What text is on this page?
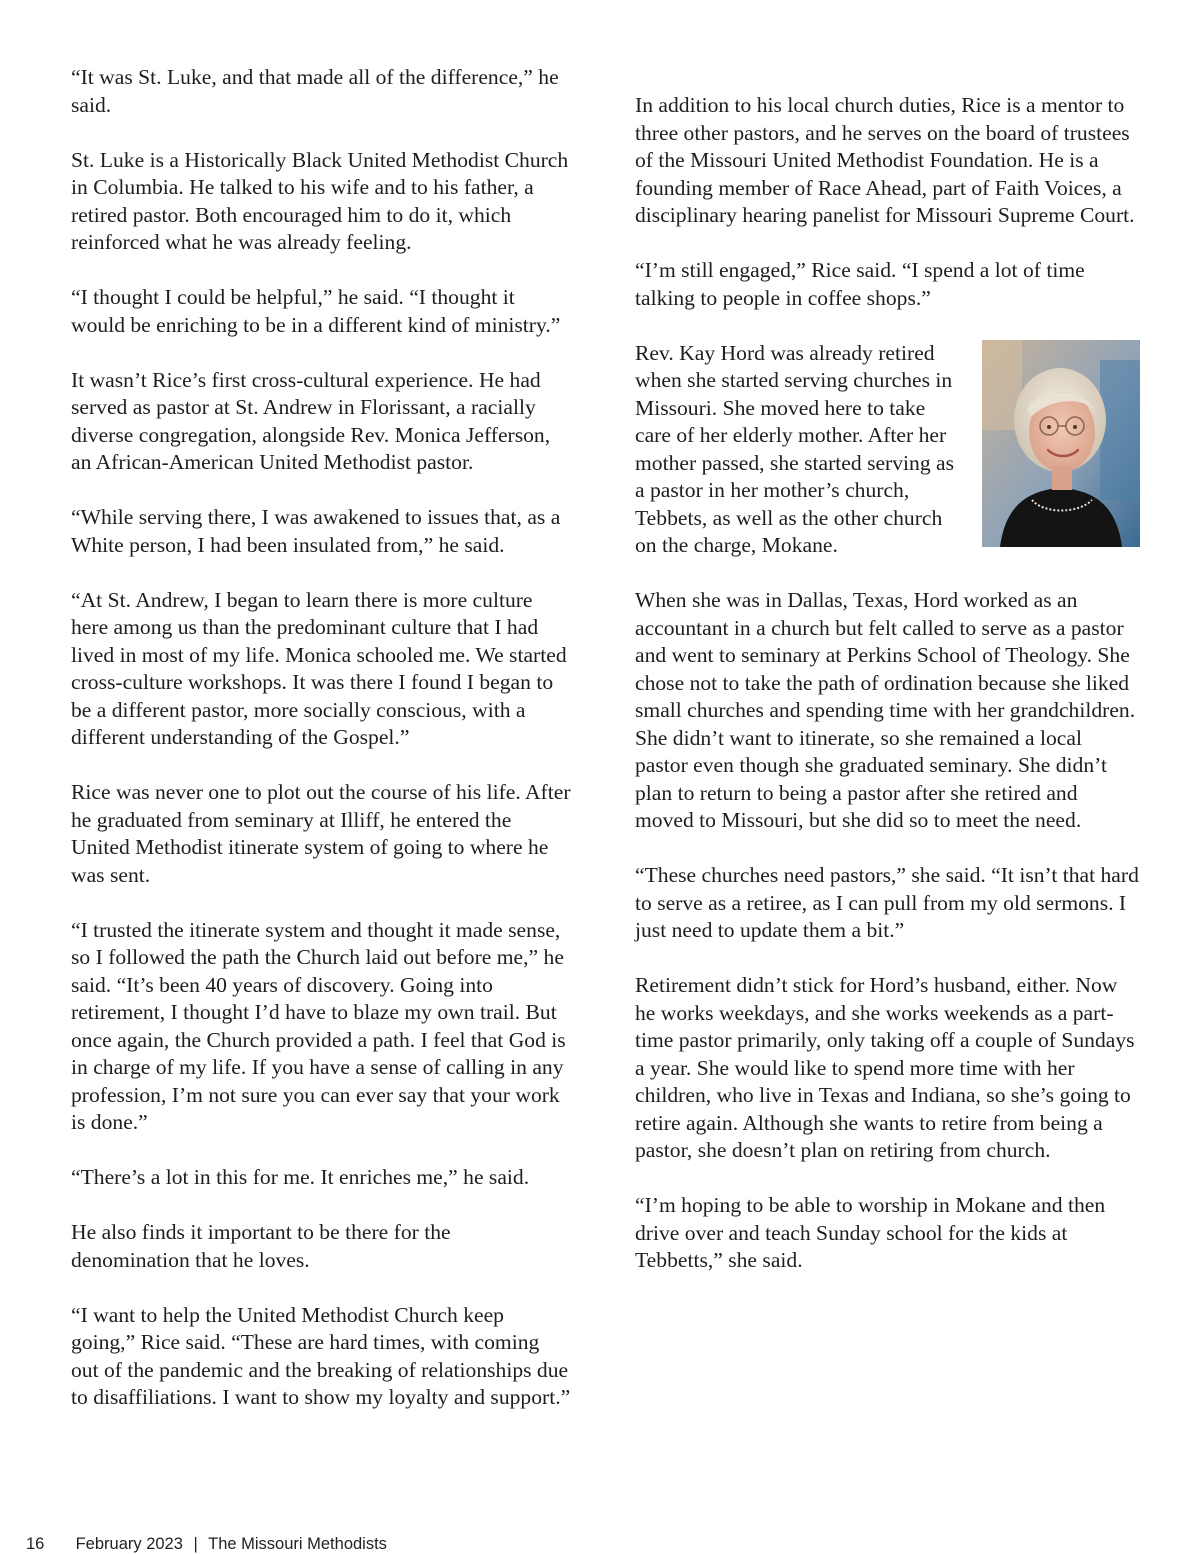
“It was St. Luke, and that made all of the difference,” he said.

St. Luke is a Historically Black United Methodist Church in Columbia. He talked to his wife and to his father, a retired pastor. Both encouraged him to do it, which reinforced what he was already feeling.

“I thought I could be helpful,” he said. “I thought it would be enriching to be in a different kind of ministry.”

It wasn’t Rice’s first cross-cultural experience. He had served as pastor at St. Andrew in Florissant, a racially diverse congregation, alongside Rev. Monica Jefferson, an African-American United Methodist pastor.

“While serving there, I was awakened to issues that, as a White person, I had been insulated from,” he said.

“At St. Andrew, I began to learn there is more culture here among us than the predominant culture that I had lived in most of my life. Monica schooled me. We started cross-culture workshops. It was there I found I began to be a different pastor, more socially conscious, with a different understanding of the Gospel.”

Rice was never one to plot out the course of his life. After he graduated from seminary at Illiff, he entered the United Methodist itinerate system of going to where he was sent.

“I trusted the itinerate system and thought it made sense, so I followed the path the Church laid out before me,” he said. “It’s been 40 years of discovery. Going into retirement, I thought I’d have to blaze my own trail. But once again, the Church provided a path. I feel that God is in charge of my life. If you have a sense of calling in any profession, I’m not sure you can ever say that your work is done.”

“There’s a lot in this for me. It enriches me,” he said.

He also finds it important to be there for the denomination that he loves.

“I want to help the United Methodist Church keep going,” Rice said. “These are hard times, with coming out of the pandemic and the breaking of relationships due to disaffiliations. I want to show my loyalty and support.”

In addition to his local church duties, Rice is a mentor to three other pastors, and he serves on the board of trustees of the Missouri United Methodist Foundation. He is a founding member of Race Ahead, part of Faith Voices, a disciplinary hearing panelist for Missouri Supreme Court.

“I’m still engaged,” Rice said. “I spend a lot of time talking to people in coffee shops.”

Rev. Kay Hord was already retired when she started serving churches in Missouri. She moved here to take care of her elderly mother. After her mother passed, she started serving as a pastor in her mother’s church, Tebbets, as well as the other church on the charge, Mokane.

When she was in Dallas, Texas, Hord worked as an accountant in a church but felt called to serve as a pastor and went to seminary at Perkins School of Theology. She chose not to take the path of ordination because she liked small churches and spending time with her grandchildren. She didn’t want to itinerate, so she remained a local pastor even though she graduated seminary. She didn’t plan to return to being a pastor after she retired and moved to Missouri, but she did so to meet the need.

“These churches need pastors,” she said. “It isn’t that hard to serve as a retiree, as I can pull from my old sermons. I just need to update them a bit.”

Retirement didn’t stick for Hord’s husband, either. Now he works weekdays, and she works weekends as a part-time pastor primarily, only taking off a couple of Sundays a year. She would like to spend more time with her children, who live in Texas and Indiana, so she’s going to retire again. Although she wants to retire from being a pastor, she doesn’t plan on retiring from church.

“I’m hoping to be able to worship in Mokane and then drive over and teach Sunday school for the kids at Tebbetts,” she said.

16 February 2023 | The Missouri Methodists
